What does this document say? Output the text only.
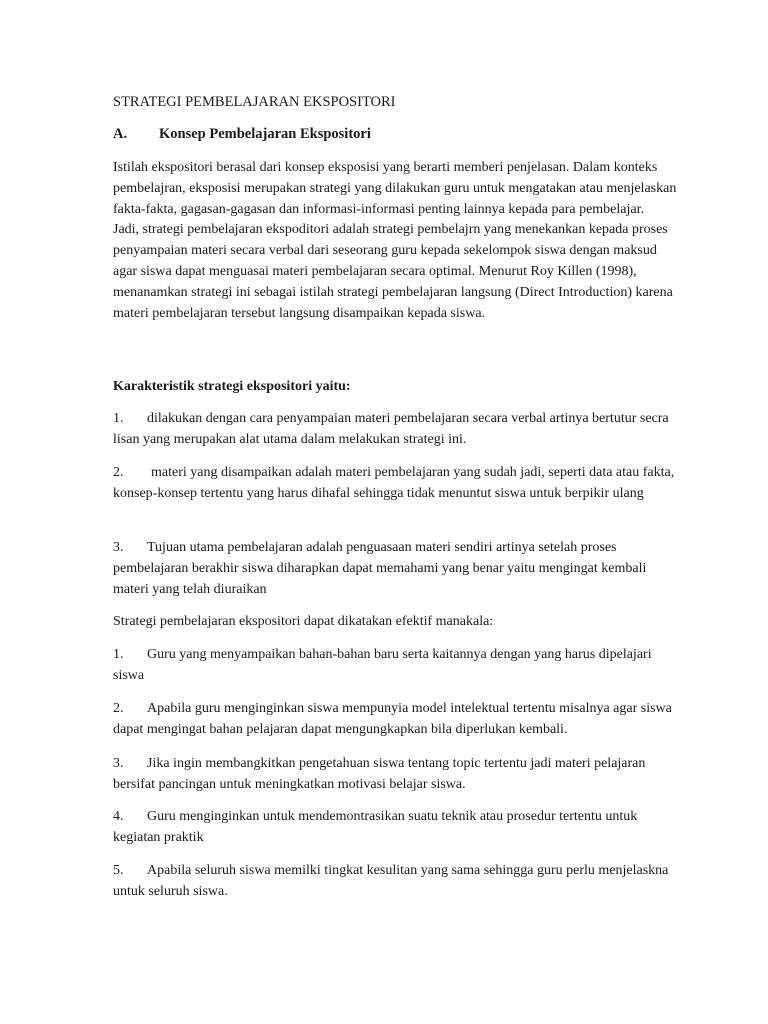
STRATEGI PEMBELAJARAN EKSPOSITORI
A. Konsep Pembelajaran Ekspositori

Istilah ekspositori berasal dari konsep eksposisi yang berarti memberi penjelasan. Dalam konteks pembelajran, eksposisi merupakan strategi yang dilakukan guru untuk mengatakan atau menjelaskan fakta-fakta, gagasan-gagasan dan informasi-informasi penting lainnya kepada para pembelajar.

Jadi, strategi pembelajaran ekspoditori adalah strategi pembelajrn yang menekankan kepada proses penyampaian materi secara verbal dari seseorang guru kepada sekelompok siswa dengan maksud agar siswa dapat menguasai materi pembelajaran secara optimal. Menurut Roy Killen (1998), menanamkan strategi ini sebagai istilah strategi pembelajaran langsung (Direct Introduction) karena materi pembelajaran tersebut langsung disampaikan kepada siswa.

Karakteristik strategi ekspositori yaitu:
1. dilakukan dengan cara penyampaian materi pembelajaran secara verbal artinya bertutur secra lisan yang merupakan alat utama dalam melakukan strategi ini.
2. materi yang disampaikan adalah materi pembelajaran yang sudah jadi, seperti data atau fakta, konsep-konsep tertentu yang harus dihafal sehingga tidak menuntut siswa untuk berpikir ulang
3. Tujuan utama pembelajaran adalah penguasaan materi sendiri artinya setelah proses pembelajaran berakhir siswa diharapkan dapat memahami yang benar yaitu mengingat kembali materi yang telah diuraikan
Strategi pembelajaran ekspositori dapat dikatakan efektif manakala:
1. Guru yang menyampaikan bahan-bahan baru serta kaitannya dengan yang harus dipelajari siswa
2. Apabila guru menginginkan siswa mempunyia model intelektual tertentu misalnya agar siswa dapat mengingat bahan pelajaran dapat mengungkapkan bila diperlukan kembali.
3. Jika ingin membangkitkan pengetahuan siswa tentang topic tertentu jadi materi pelajaran bersifat pancingan untuk meningkatkan motivasi belajar siswa.
4. Guru menginginkan untuk mendemontrasikan suatu teknik atau prosedur tertentu untuk kegiatan praktik
5. Apabila seluruh siswa memilki tingkat kesulitan yang sama sehingga guru perlu menjelaskna untuk seluruh siswa.
